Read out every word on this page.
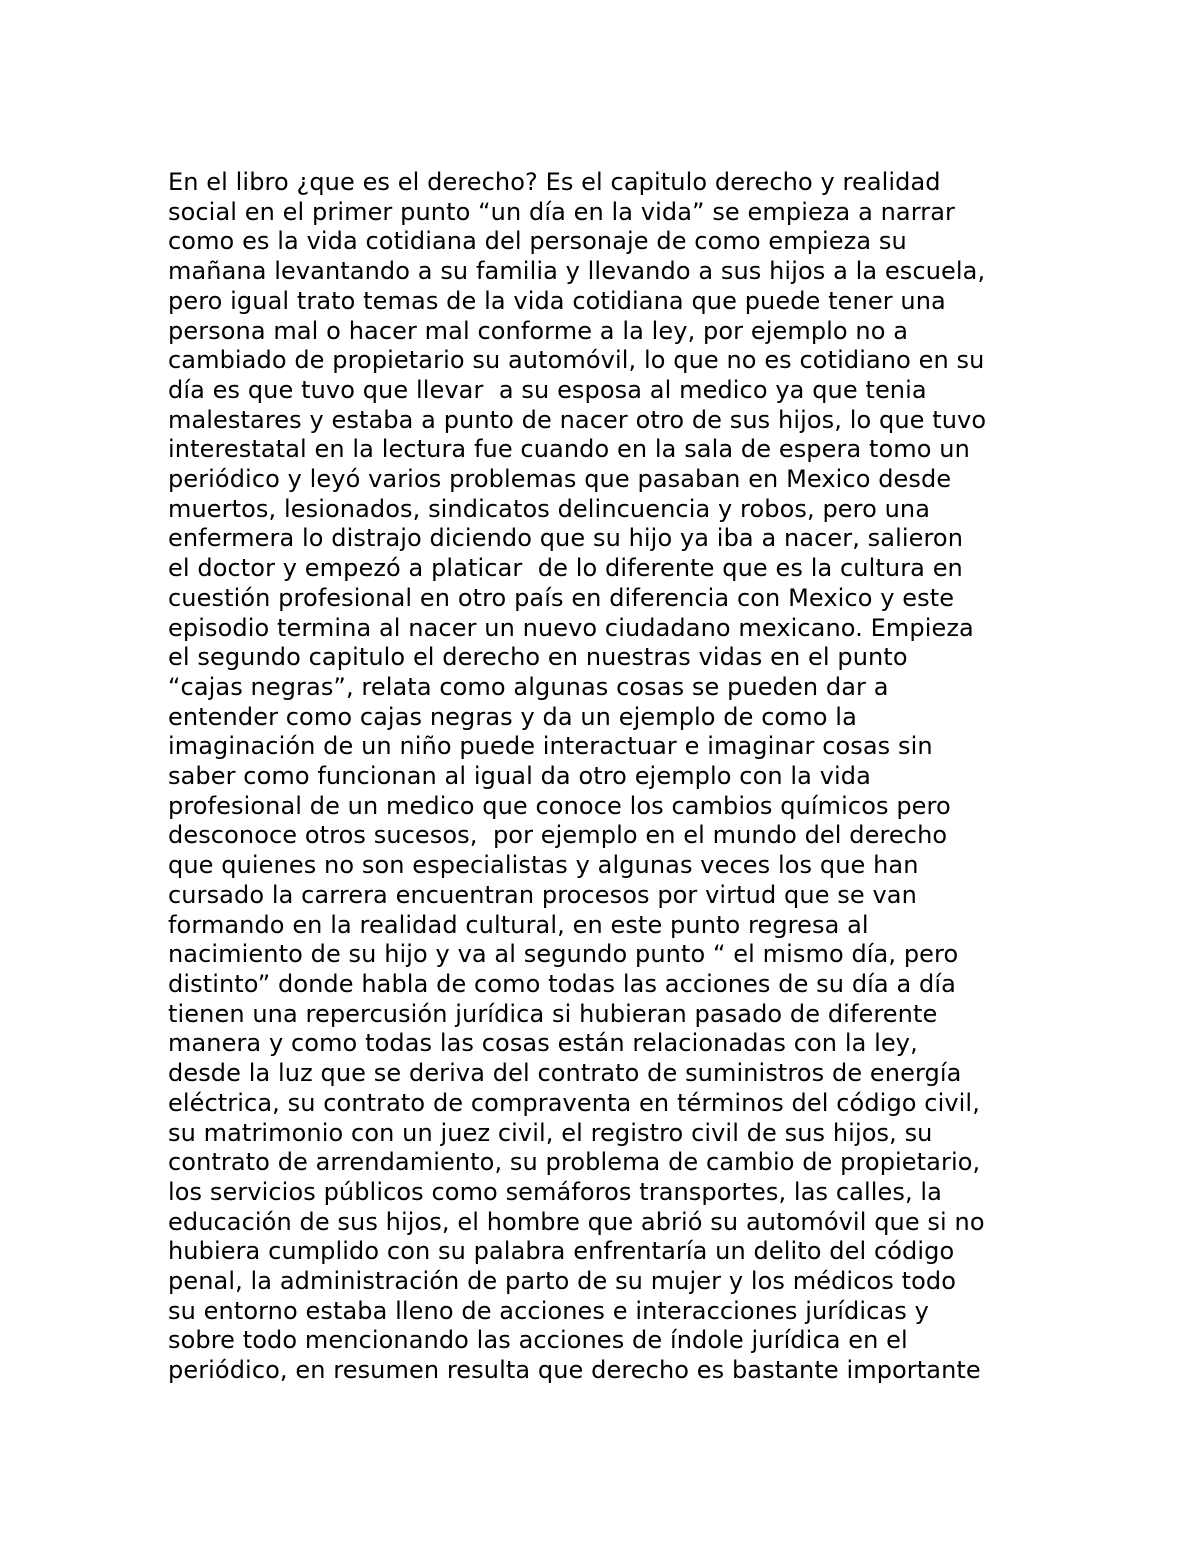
En el libro ¿que es el derecho? Es el capitulo derecho y realidad
social en el primer punto “un día en la vida” se empieza a narrar
como es la vida cotidiana del personaje de como empieza su
mañana levantando a su familia y llevando a sus hijos a la escuela,
pero igual trato temas de la vida cotidiana que puede tener una
persona mal o hacer mal conforme a la ley, por ejemplo no a
cambiado de propietario su automóvil, lo que no es cotidiano en su
día es que tuvo que llevar  a su esposa al medico ya que tenia
malestares y estaba a punto de nacer otro de sus hijos, lo que tuvo
interestatal en la lectura fue cuando en la sala de espera tomo un
periódico y leyó varios problemas que pasaban en Mexico desde
muertos, lesionados, sindicatos delincuencia y robos, pero una
enfermera lo distrajo diciendo que su hijo ya iba a nacer, salieron
el doctor y empezó a platicar  de lo diferente que es la cultura en
cuestión profesional en otro país en diferencia con Mexico y este
episodio termina al nacer un nuevo ciudadano mexicano. Empieza
el segundo capitulo el derecho en nuestras vidas en el punto
“cajas negras”, relata como algunas cosas se pueden dar a
entender como cajas negras y da un ejemplo de como la
imaginación de un niño puede interactuar e imaginar cosas sin
saber como funcionan al igual da otro ejemplo con la vida
profesional de un medico que conoce los cambios químicos pero
desconoce otros sucesos,  por ejemplo en el mundo del derecho
que quienes no son especialistas y algunas veces los que han
cursado la carrera encuentran procesos por virtud que se van
formando en la realidad cultural, en este punto regresa al
nacimiento de su hijo y va al segundo punto “ el mismo día, pero
distinto” donde habla de como todas las acciones de su día a día
tienen una repercusión jurídica si hubieran pasado de diferente
manera y como todas las cosas están relacionadas con la ley,
desde la luz que se deriva del contrato de suministros de energía
eléctrica, su contrato de compraventa en términos del código civil,
su matrimonio con un juez civil, el registro civil de sus hijos, su
contrato de arrendamiento, su problema de cambio de propietario,
los servicios públicos como semáforos transportes, las calles, la
educación de sus hijos, el hombre que abrió su automóvil que si no
hubiera cumplido con su palabra enfrentaría un delito del código
penal, la administración de parto de su mujer y los médicos todo
su entorno estaba lleno de acciones e interacciones jurídicas y
sobre todo mencionando las acciones de índole jurídica en el
periódico, en resumen resulta que derecho es bastante importante
